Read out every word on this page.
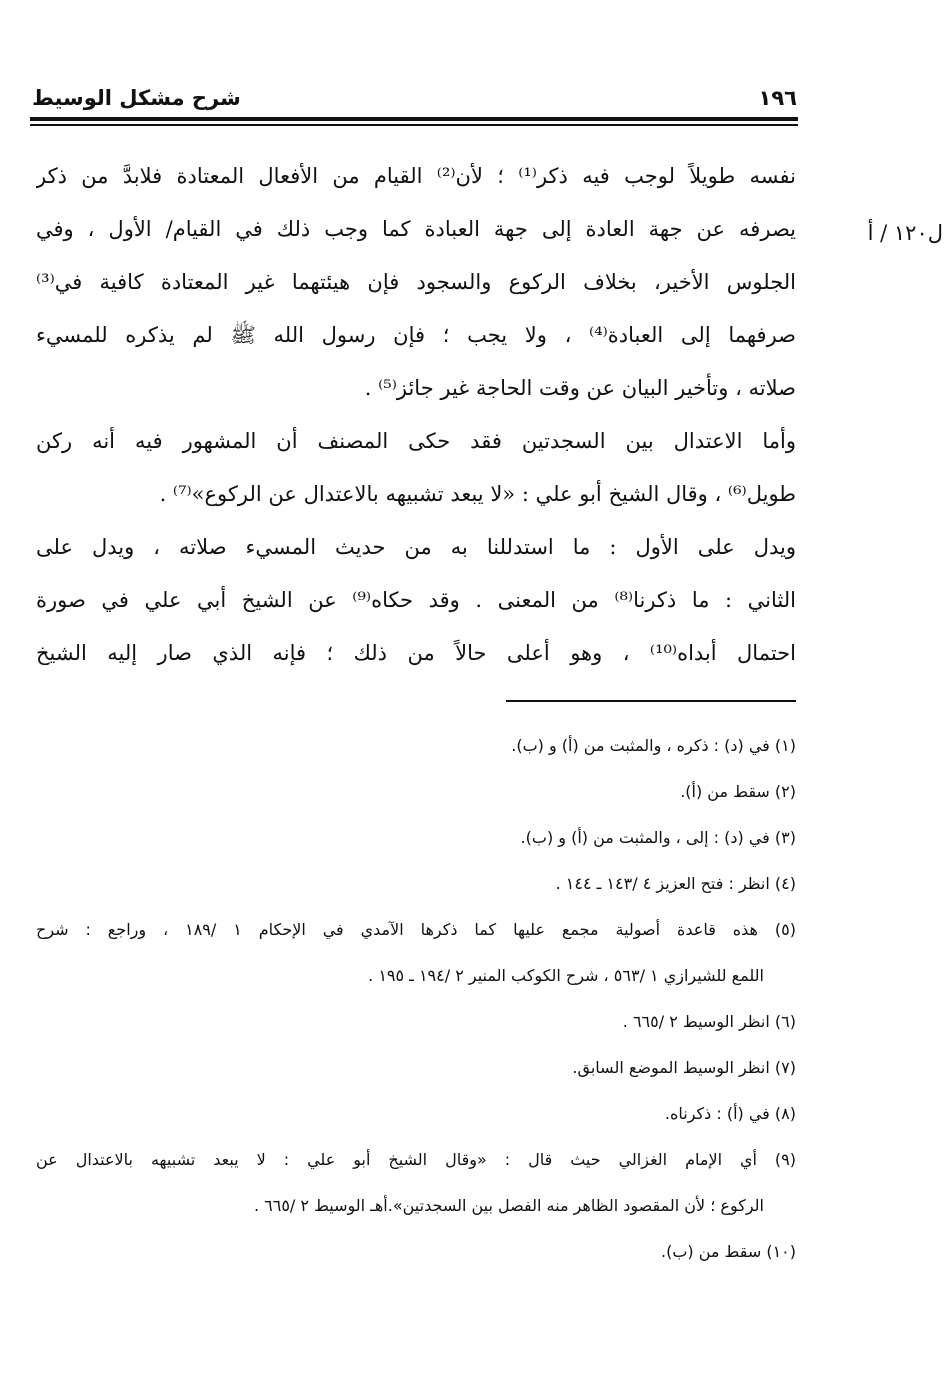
شرح مشكل الوسيط	١٩٦
ل١٢٠ / أ
نفسه طويلاً لوجب فيه ذكر⁽¹⁾ ؛ لأن⁽²⁾ القيام من الأفعال المعتادة فلابدَّ من ذكر
يصرفه عن جهة العادة إلى جهة العبادة كما وجب ذلك في القيام/ الأول ، وفي
الجلوس الأخير، بخلاف الركوع والسجود فإن هيئتهما غير المعتادة كافية في⁽³⁾
صرفهما إلى العبادة⁽⁴⁾ ، ولا يجب ؛ فإن رسول الله ﷺ لم يذكره للمسيء
صلاته ، وتأخير البيان عن وقت الحاجة غير جائز⁽⁵⁾ .
وأما الاعتدال بين السجدتين فقد حكى المصنف أن المشهور فيه أنه ركن
طويل⁽⁶⁾ ، وقال الشيخ أبو علي : «لا يبعد تشبيهه بالاعتدال عن الركوع»⁽⁷⁾ .
ويدل على الأول : ما استدللنا به من حديث المسيء صلاته ، ويدل على
الثاني : ما ذكرنا⁽⁸⁾ من المعنى . وقد حكاه⁽⁹⁾ عن الشيخ أبي علي في صورة
احتمال أبداه⁽¹⁰⁾ ، وهو أعلى حالاً من ذلك ؛ فإنه الذي صار إليه الشيخ
(١) في (د) : ذكره ، والمثبت من (أ) و (ب).
(٢) سقط من (أ).
(٣) في (د) : إلى ، والمثبت من (أ) و (ب).
(٤) انظر : فتح العزيز ٤ /١٤٣ ـ ١٤٤ .
(٥) هذه قاعدة أصولية مجمع عليها كما ذكرها الآمدي في الإحكام ١ /١٨٩ ، وراجع : شرح
اللمع للشيرازي ١ /٥٦٣ ، شرح الكوكب المنير ٢ /١٩٤ ـ ١٩٥ .
(٦) انظر الوسيط ٢ /٦٦٥ .
(٧) انظر الوسيط الموضع السابق.
(٨) في (أ) : ذكرناه.
(٩) أي الإمام الغزالي حيث قال : «وقال الشيخ أبو علي : لا يبعد تشبيهه بالاعتدال عن
الركوع ؛ لأن المقصود الظاهر منه الفصل بين السجدتين».أهـ الوسيط ٢ /٦٦٥ .
(١٠) سقط من (ب).
